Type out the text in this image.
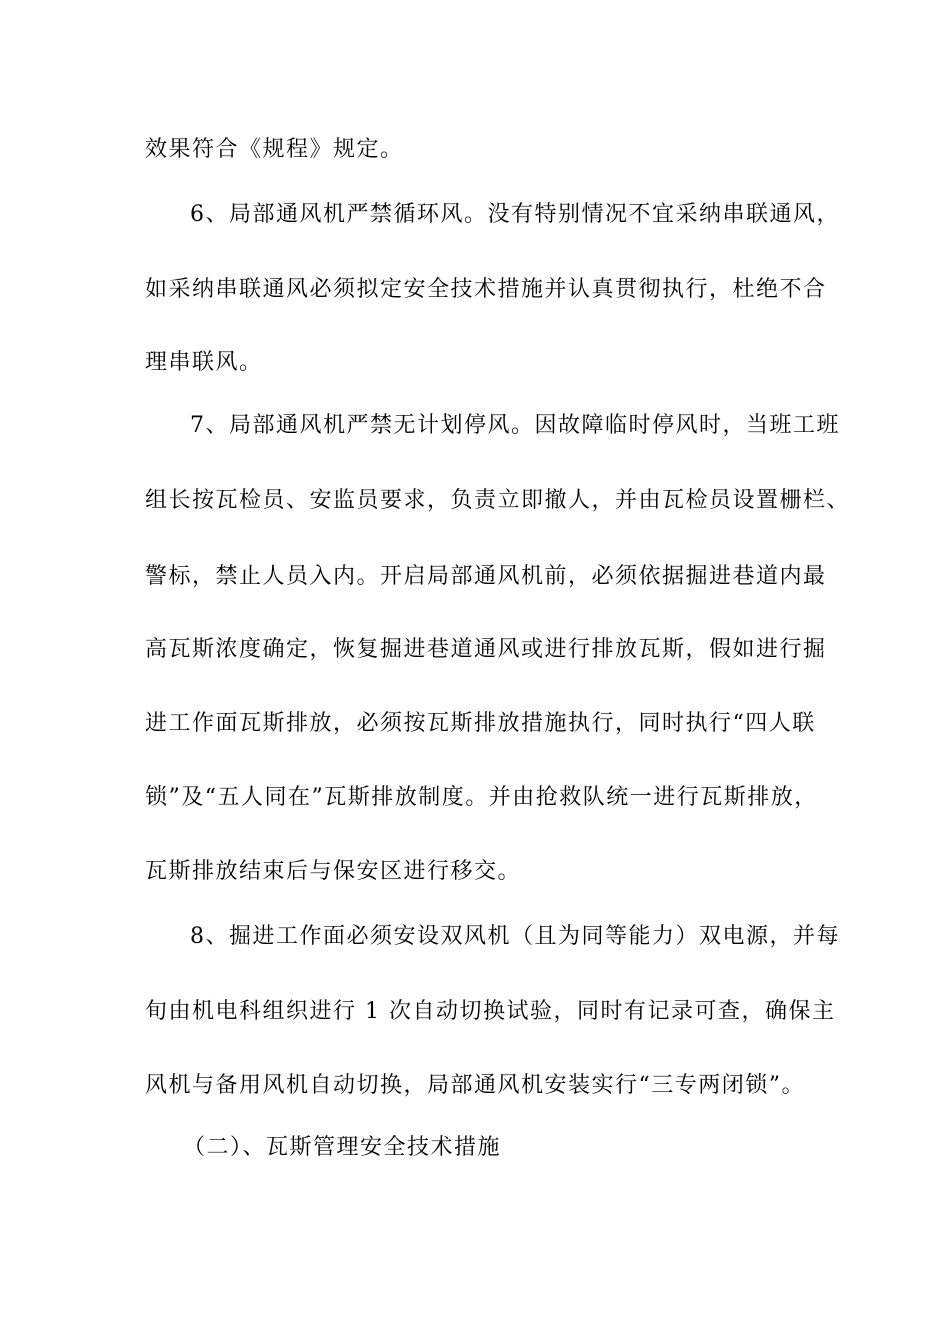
效果符合《规程》规定。
6、局部通风机严禁循环风。没有特别情况不宜采纳串联通风，
如采纳串联通风必须拟定安全技术措施并认真贯彻执行，杜绝不合
理串联风。
7、局部通风机严禁无计划停风。因故障临时停风时，当班工班
组长按瓦检员、安监员要求，负责立即撤人，并由瓦检员设置栅栏、
警标，禁止人员入内。开启局部通风机前，必须依据掘进巷道内最
高瓦斯浓度确定，恢复掘进巷道通风或进行排放瓦斯，假如进行掘
进工作面瓦斯排放，必须按瓦斯排放措施执行，同时执行“四人联
锁”及“五人同在”瓦斯排放制度。并由抢救队统一进行瓦斯排放，
瓦斯排放结束后与保安区进行移交。
8、掘进工作面必须安设双风机（且为同等能力）双电源，并每
旬由机电科组织进行 1 次自动切换试验，同时有记录可查，确保主
风机与备用风机自动切换，局部通风机安装实行“三专两闭锁”。
（二）、瓦斯管理安全技术措施
